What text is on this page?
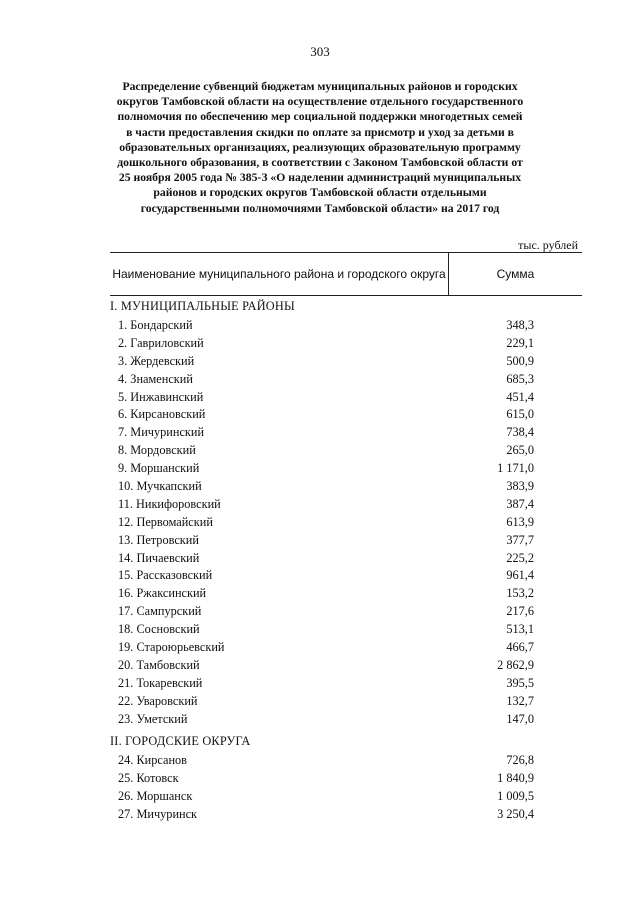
303
Распределение субвенций бюджетам муниципальных районов и городских округов Тамбовской области на осуществление отдельного государственного полномочия по обеспечению мер социальной поддержки многодетных семей в части предоставления скидки по оплате за присмотр и уход за детьми в образовательных организациях, реализующих образовательную программу дошкольного образования, в соответствии с Законом Тамбовской области от 25 ноября 2005 года № 385-З «О наделении администраций муниципальных районов и городских округов Тамбовской области отдельными государственными полномочиями Тамбовской области» на 2017 год
тыс. рублей
Наименование муниципального района и городского округа	Сумма
I. МУНИЦИПАЛЬНЫЕ РАЙОНЫ
1. Бондарский	348,3
2. Гавриловский	229,1
3. Жердевский	500,9
4. Знаменский	685,3
5. Инжавинский	451,4
6. Кирсановский	615,0
7. Мичуринский	738,4
8. Мордовский	265,0
9. Моршанский	1 171,0
10. Мучкапский	383,9
11. Никифоровский	387,4
12. Первомайский	613,9
13. Петровский	377,7
14. Пичаевский	225,2
15. Рассказовский	961,4
16. Ржаксинский	153,2
17. Сампурский	217,6
18. Сосновский	513,1
19. Староюрьевский	466,7
20. Тамбовский	2 862,9
21. Токаревский	395,5
22. Уваровский	132,7
23. Уметский	147,0
II. ГОРОДСКИЕ ОКРУГА
24. Кирсанов	726,8
25. Котовск	1 840,9
26. Моршанск	1 009,5
27. Мичуринск	3 250,4
